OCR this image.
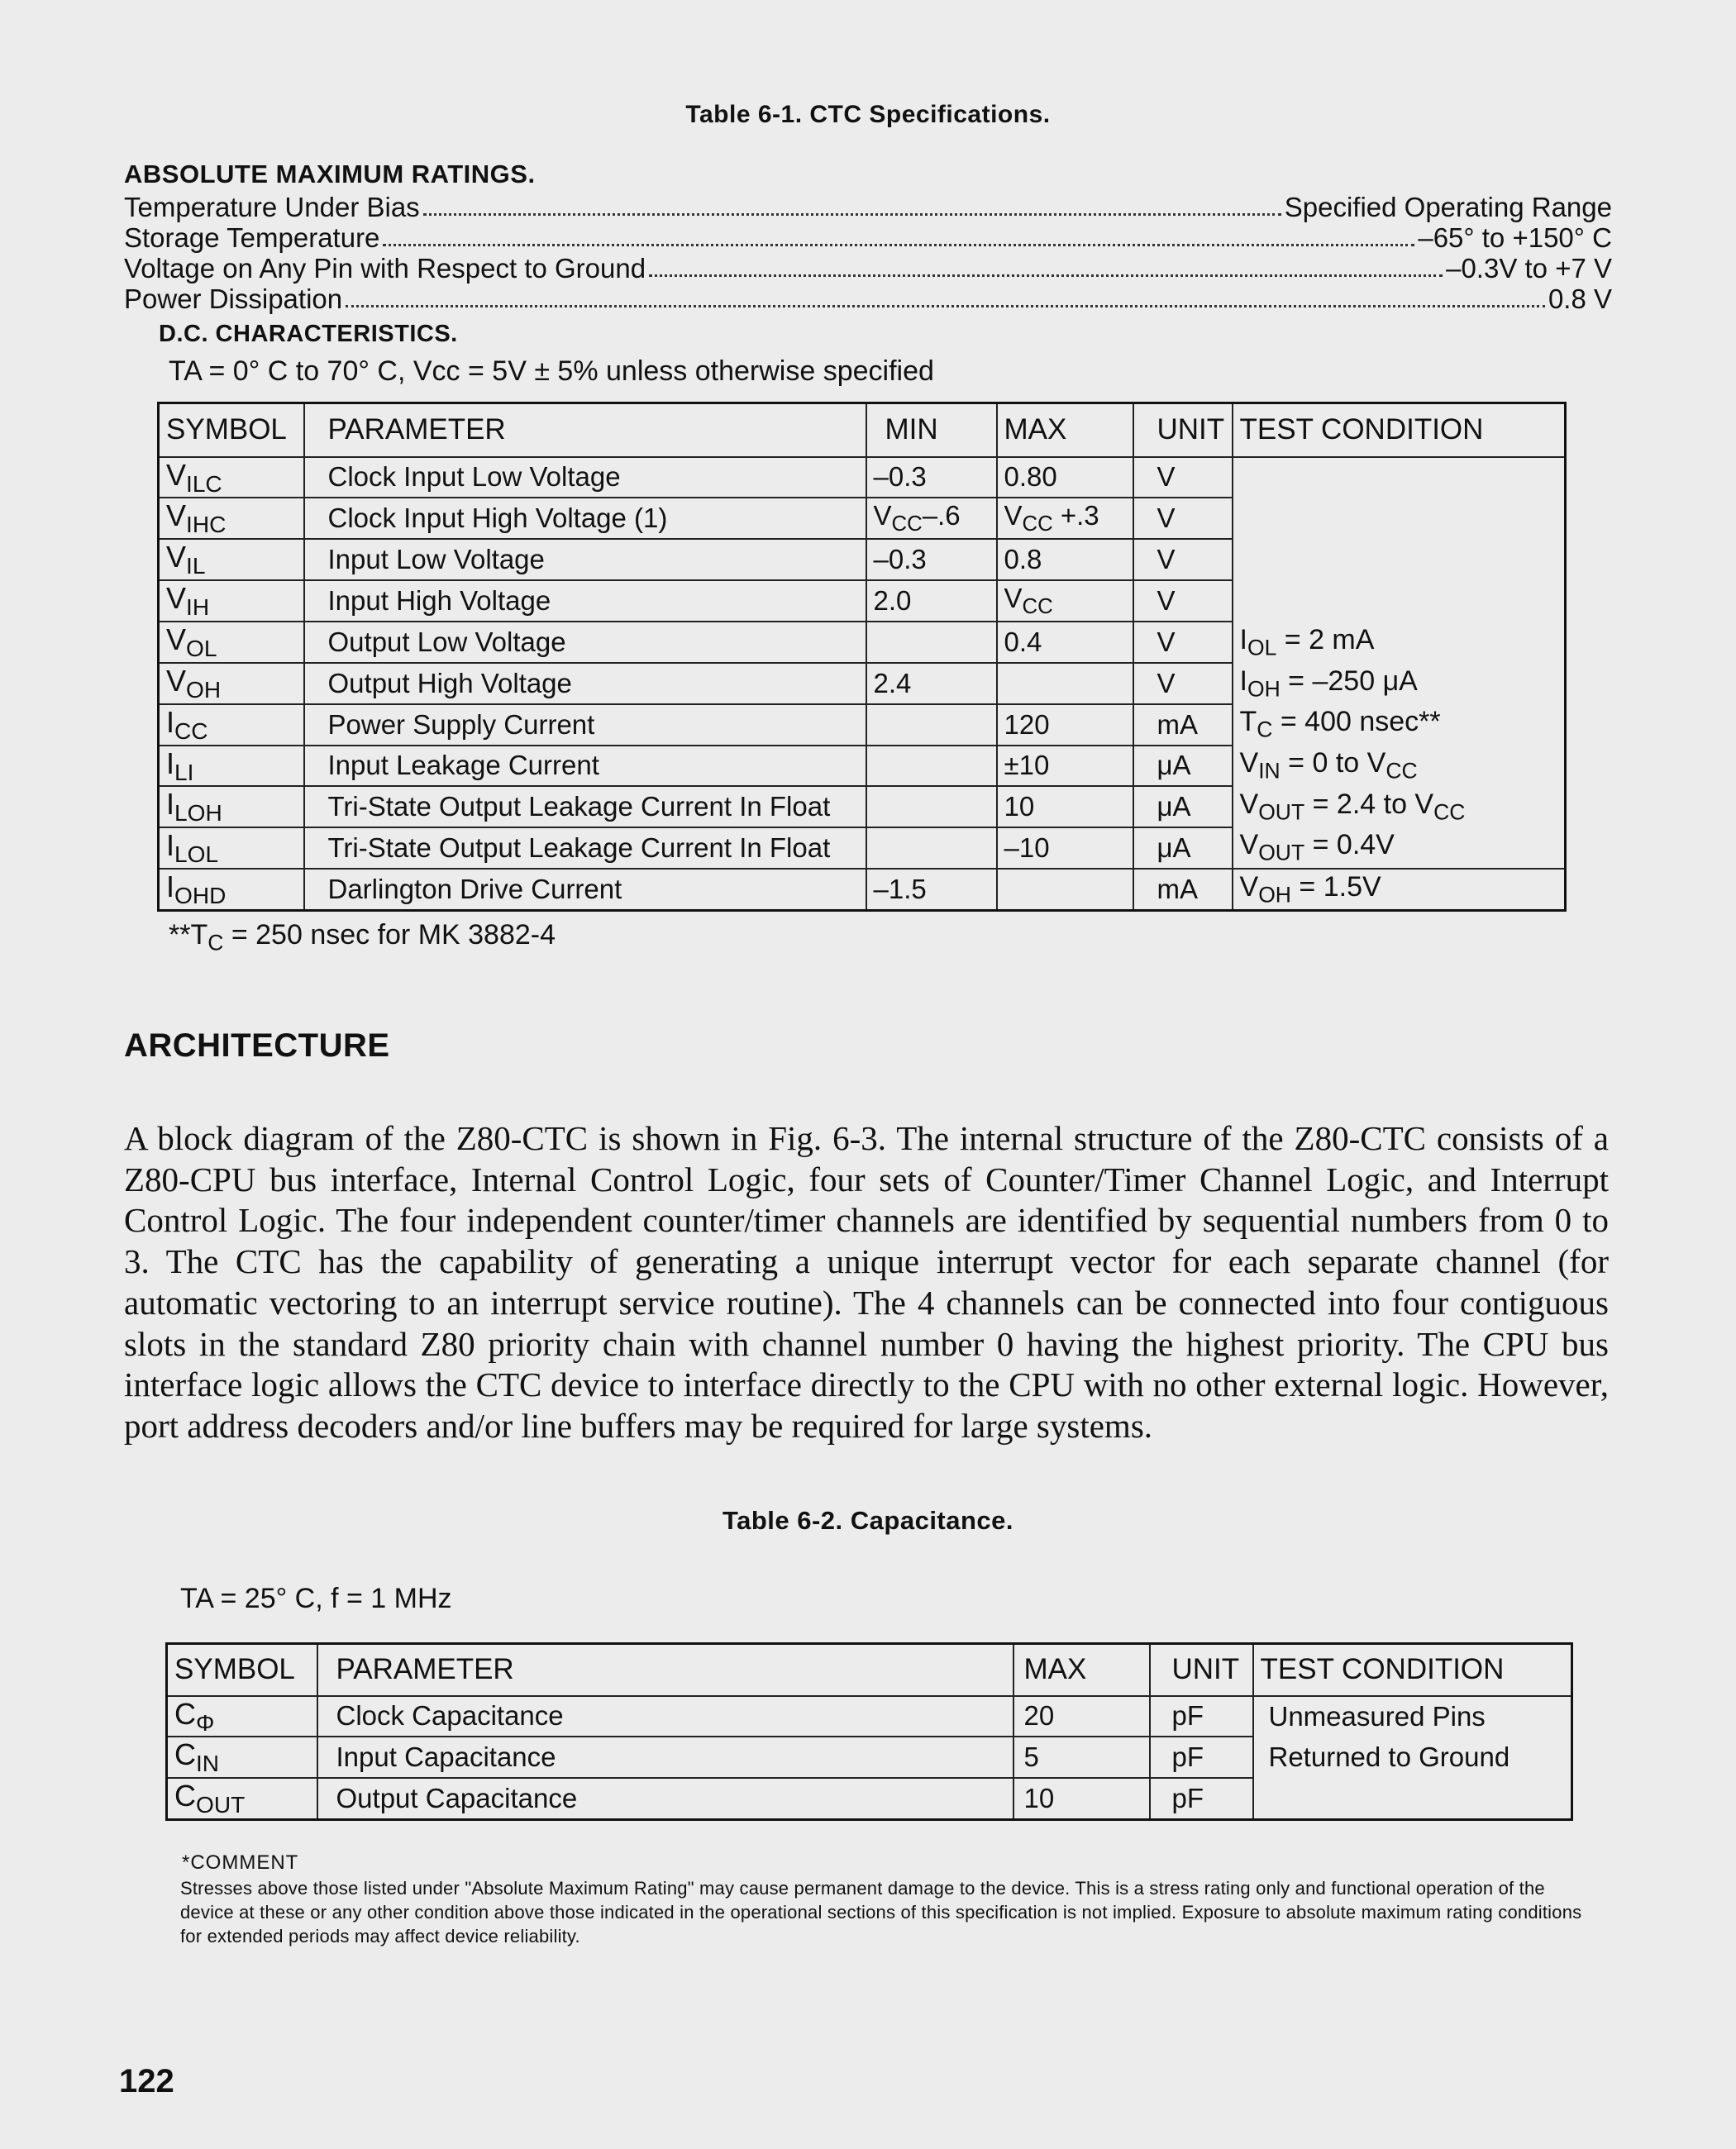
Table 6-1. CTC Specifications.
ABSOLUTE MAXIMUM RATINGS.
Temperature Under Bias	Specified Operating Range
Storage Temperature	–65° to +150° C
Voltage on Any Pin with Respect to Ground	–0.3V to +7 V
Power Dissipation	0.8 V
D.C. CHARACTERISTICS.
TA = 0° C to 70° C, Vcc = 5V ± 5% unless otherwise specified
SYMBOL	PARAMETER	MIN	MAX	UNIT	TEST CONDITION
$V_{ILC}$	Clock Input Low Voltage	–0.3	0.80	V	
$V_{IHC}$	Clock Input High Voltage (1)	$V_{CC}-.6$	$V_{CC} +.3$	V	
$V_{IL}$	Input Low Voltage	–0.3	0.8	V	
$V_{IH}$	Input High Voltage	2.0	$V_{CC}$	V	
$V_{OL}$	Output Low Voltage		0.4	V	$I_{OL} = 2$ mA
$V_{OH}$	Output High Voltage	2.4		V	$I_{OH} = -250$ μA
$I_{CC}$	Power Supply Current		120	mA	$T_C = 400$ nsec**
$I_{LI}$	Input Leakage Current		±10	μA	$V_{IN} = 0$ to $V_{CC}$
$I_{LOH}$	Tri-State Output Leakage Current In Float		10	μA	$V_{OUT} = 2.4$ to $V_{CC}$
$I_{LOL}$	Tri-State Output Leakage Current In Float		–10	μA	$V_{OUT} = 0.4V$
$I_{OHD}$	Darlington Drive Current	–1.5		mA	$V_{OH} = 1.5V$
$**T_C = 250$ nsec for MK 3882-4
ARCHITECTURE
A block diagram of the Z80-CTC is shown in Fig. 6-3. The internal structure of the Z80-CTC consists of a Z80-CPU bus interface, Internal Control Logic, four sets of Counter/Timer Channel Logic, and Interrupt Control Logic. The four independent counter/timer channels are identified by sequential numbers from 0 to 3. The CTC has the capability of generating a unique interrupt vector for each separate channel (for automatic vectoring to an interrupt service routine). The 4 channels can be connected into four contiguous slots in the standard Z80 priority chain with channel number 0 having the highest priority. The CPU bus interface logic allows the CTC device to interface directly to the CPU with no other external logic. However, port address decoders and/or line buffers may be required for large systems.
Table 6-2. Capacitance.
TA = 25° C, f = 1 MHz
SYMBOL	PARAMETER	MAX	UNIT	TEST CONDITION
$C_\Phi$	Clock Capacitance	20	pF	Unmeasured Pins
$C_{IN}$	Input Capacitance	5	pF	Returned to Ground
$C_{OUT}$	Output Capacitance	10	pF	
*COMMENT
Stresses above those listed under "Absolute Maximum Rating" may cause permanent damage to the device. This is a stress rating only and functional operation of the device at these or any other condition above those indicated in the operational sections of this specification is not implied. Exposure to absolute maximum rating conditions for extended periods may affect device reliability.
122
